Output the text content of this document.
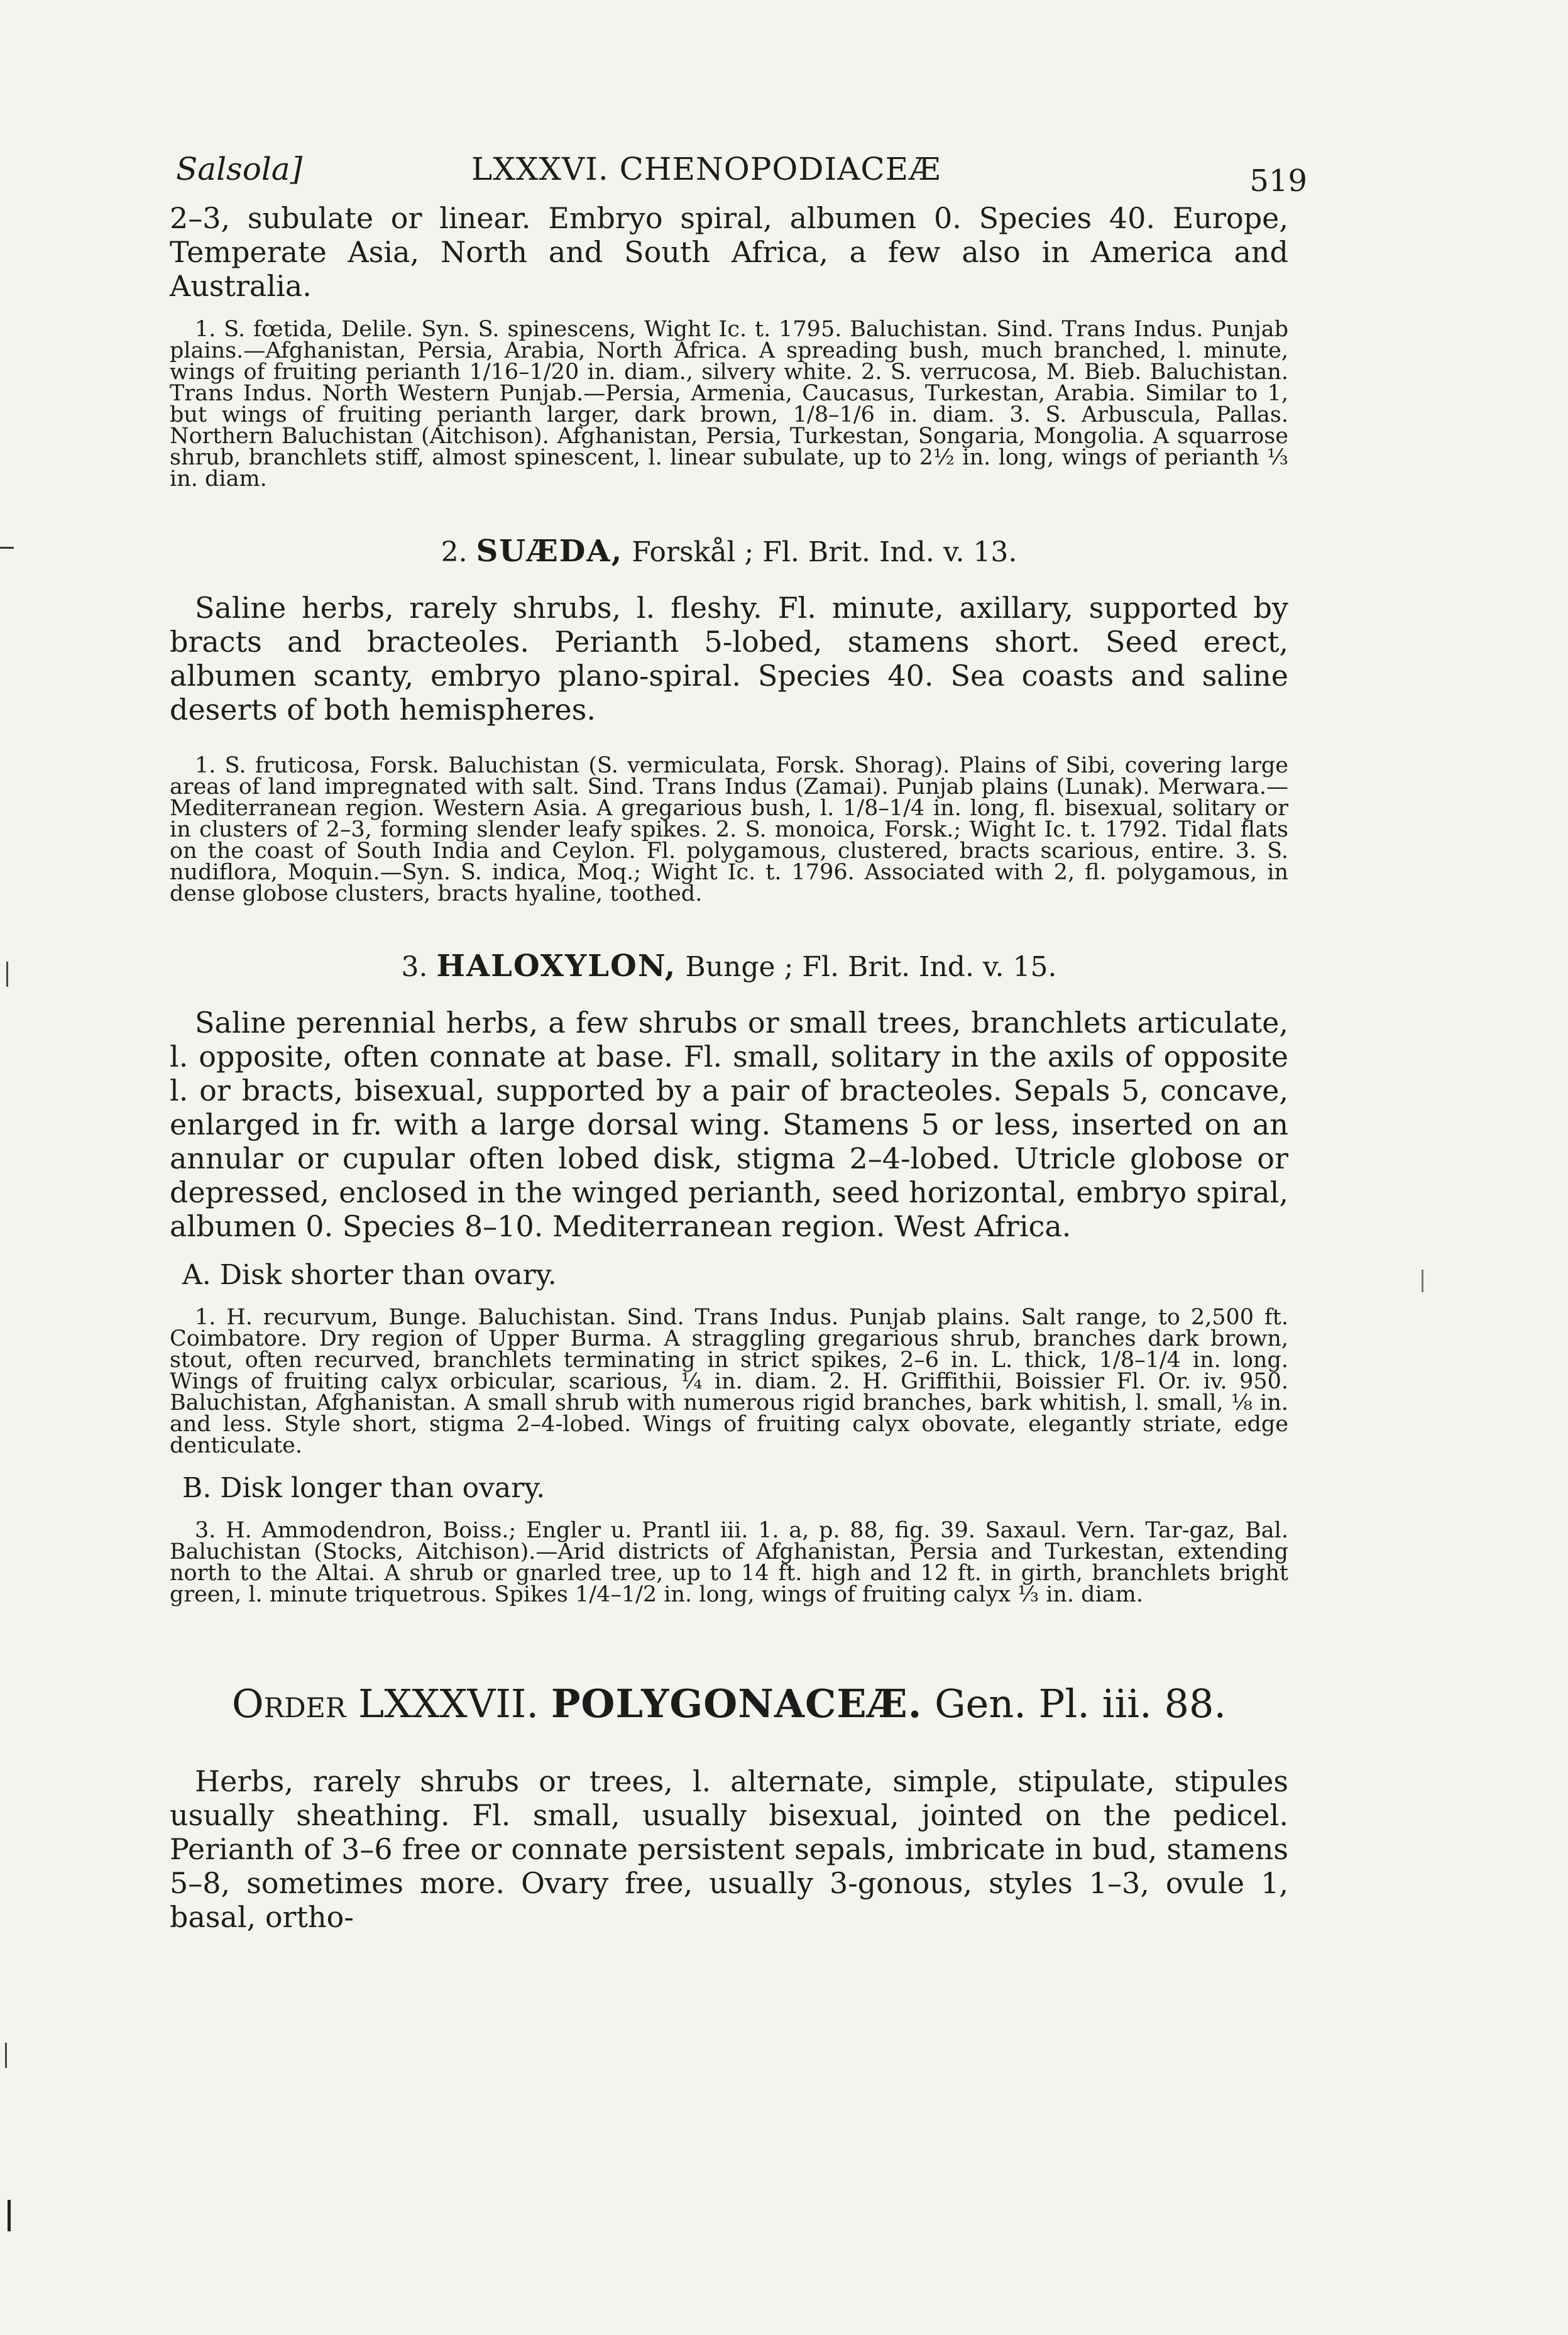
Salsola]	LXXXVI. CHENOPODIACEÆ	519

2–3, subulate or linear. Embryo spiral, albumen 0. Species 40. Europe, Temperate Asia, North and South Africa, a few also in America and Australia.

1. S. fœtida, Delile. Syn. S. spinescens, Wight Ic. t. 1795. Baluchistan. Sind. Trans Indus. Punjab plains.—Afghanistan, Persia, Arabia, North Africa. A spreading bush, much branched, l. minute, wings of fruiting perianth 1/16–1/20 in. diam., silvery white. 2. S. verrucosa, M. Bieb. Baluchistan. Trans Indus. North Western Punjab.—Persia, Armenia, Caucasus, Turkestan, Arabia. Similar to 1, but wings of fruiting perianth larger, dark brown, 1/8–1/6 in. diam. 3. S. Arbuscula, Pallas. Northern Baluchistan (Aitchison). Afghanistan, Persia, Turkestan, Songaria, Mongolia. A squarrose shrub, branchlets stiff, almost spinescent, l. linear subulate, up to 2½ in. long, wings of perianth ⅓ in. diam.

2. SUÆDA, Forskål ; Fl. Brit. Ind. v. 13.

Saline herbs, rarely shrubs, l. fleshy. Fl. minute, axillary, supported by bracts and bracteoles. Perianth 5-lobed, stamens short. Seed erect, albumen scanty, embryo plano-spiral. Species 40. Sea coasts and saline deserts of both hemispheres.

1. S. fruticosa, Forsk. Baluchistan (S. vermiculata, Forsk. Shorag). Plains of Sibi, covering large areas of land impregnated with salt. Sind. Trans Indus (Zamai). Punjab plains (Lunak). Merwara.—Mediterranean region. Western Asia. A gregarious bush, l. 1/8–1/4 in. long, fl. bisexual, solitary or in clusters of 2–3, forming slender leafy spikes. 2. S. monoica, Forsk.; Wight Ic. t. 1792. Tidal flats on the coast of South India and Ceylon. Fl. polygamous, clustered, bracts scarious, entire. 3. S. nudiflora, Moquin.—Syn. S. indica, Moq.; Wight Ic. t. 1796. Associated with 2, fl. polygamous, in dense globose clusters, bracts hyaline, toothed.

3. HALOXYLON, Bunge ; Fl. Brit. Ind. v. 15.

Saline perennial herbs, a few shrubs or small trees, branchlets articulate, l. opposite, often connate at base. Fl. small, solitary in the axils of opposite l. or bracts, bisexual, supported by a pair of bracteoles. Sepals 5, concave, enlarged in fr. with a large dorsal wing. Stamens 5 or less, inserted on an annular or cupular often lobed disk, stigma 2–4-lobed. Utricle globose or depressed, enclosed in the winged perianth, seed horizontal, embryo spiral, albumen 0. Species 8–10. Mediterranean region. West Africa.

A. Disk shorter than ovary.

1. H. recurvum, Bunge. Baluchistan. Sind. Trans Indus. Punjab plains. Salt range, to 2,500 ft. Coimbatore. Dry region of Upper Burma. A straggling gregarious shrub, branches dark brown, stout, often recurved, branchlets terminating in strict spikes, 2–6 in. L. thick, 1/8–1/4 in. long. Wings of fruiting calyx orbicular, scarious, ¼ in. diam. 2. H. Griffithii, Boissier Fl. Or. iv. 950. Baluchistan, Afghanistan. A small shrub with numerous rigid branches, bark whitish, l. small, ⅛ in. and less. Style short, stigma 2–4-lobed. Wings of fruiting calyx obovate, elegantly striate, edge denticulate.

B. Disk longer than ovary.

3. H. Ammodendron, Boiss.; Engler u. Prantl iii. 1. a, p. 88, fig. 39. Saxaul. Vern. Tar-gaz, Bal. Baluchistan (Stocks, Aitchison).—Arid districts of Afghanistan, Persia and Turkestan, extending north to the Altai. A shrub or gnarled tree, up to 14 ft. high and 12 ft. in girth, branchlets bright green, l. minute triquetrous. Spikes 1/4–1/2 in. long, wings of fruiting calyx ⅓ in. diam.

Order LXXXVII. POLYGONACEÆ. Gen. Pl. iii. 88.

Herbs, rarely shrubs or trees, l. alternate, simple, stipulate, stipules usually sheathing. Fl. small, usually bisexual, jointed on the pedicel. Perianth of 3–6 free or connate persistent sepals, imbricate in bud, stamens 5–8, sometimes more. Ovary free, usually 3-gonous, styles 1–3, ovule 1, basal, ortho-
